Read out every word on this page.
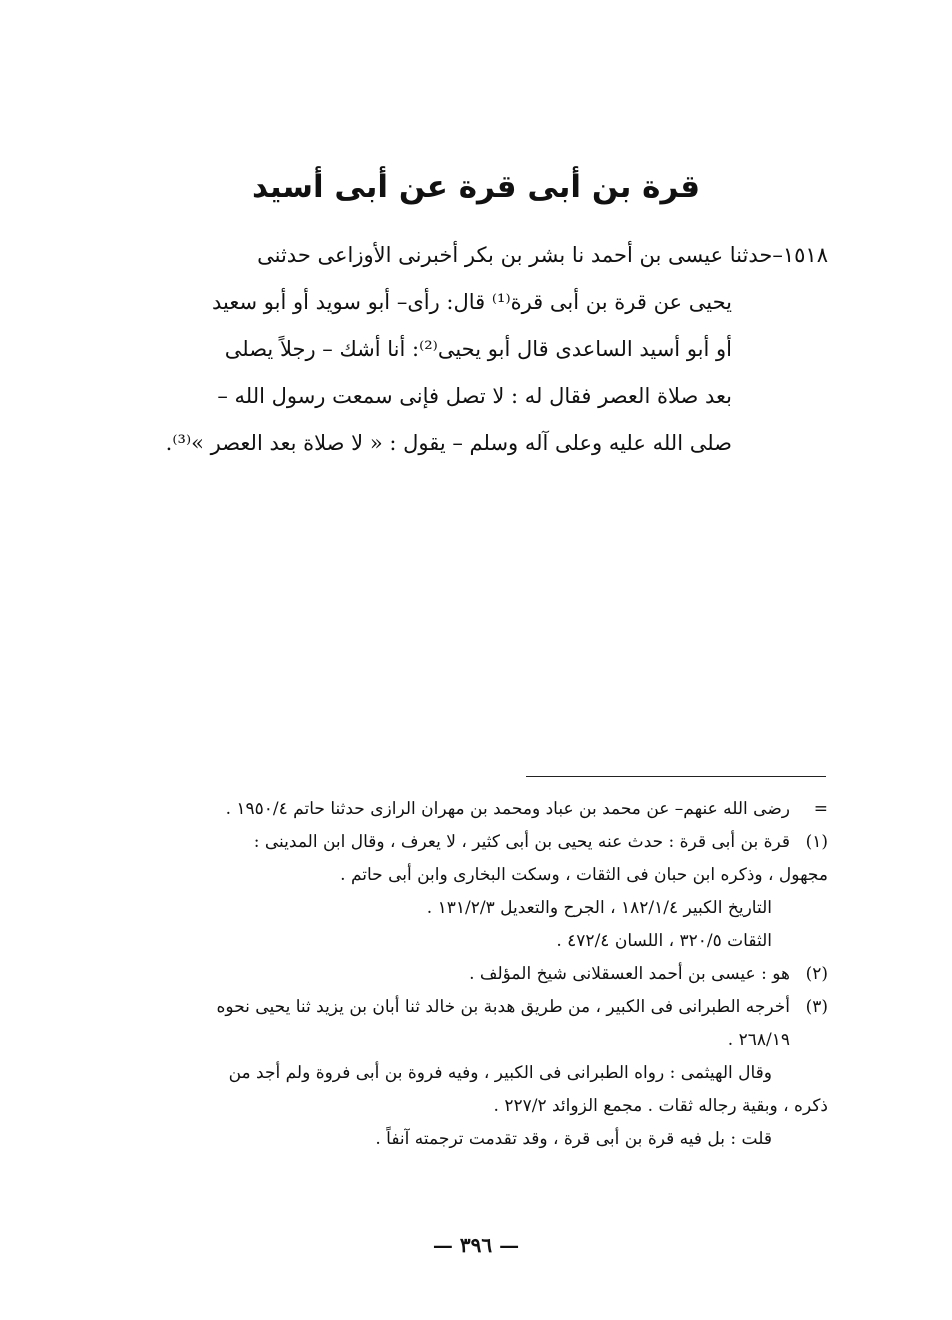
قرة بن أبى قرة عن أبى أسيد
١٥١٨–حدثنا عيسى بن أحمد نا بشر بن بكر أخبرنى الأوزاعى حدثنى
يحيى عن قرة بن أبى قرة⁽¹⁾ قال: رأى– أبو سويد أو أبو سعيد
أو أبو أسيد الساعدى قال أبو يحيى⁽²⁾: أنا أشك – رجلاً يصلى
بعد صلاة العصر فقال له : لا تصل فإنى سمعت رسول الله –
صلى الله عليه وعلى آله وسلم – يقول : « لا صلاة بعد العصر »⁽³⁾.
=رضى الله عنهم– عن محمد بن عباد ومحمد بن مهران الرازى حدثنا حاتم ١٩٥٠/٤ .
(١)قرة بن أبى قرة : حدث عنه يحيى بن أبى كثير ، لا يعرف ، وقال ابن المدينى :
مجهول ، وذكره ابن حبان فى الثقات ، وسكت البخارى وابن أبى حاتم .
التاريخ الكبير ١٨٢/١/٤ ، الجرح والتعديل ١٣١/٢/٣ .
الثقات ٣٢٠/٥ ، اللسان ٤٧٢/٤ .
(٢)هو : عيسى بن أحمد العسقلانى شيخ المؤلف .
(٣)أخرجه الطبرانى فى الكبير ، من طريق هدبة بن خالد ثنا أبان بن يزيد ثنا يحيى نحوه
٢٦٨/١٩ .
وقال الهيثمى : رواه الطبرانى فى الكبير ، وفيه فروة بن أبى فروة ولم أجد من
ذكره ، وبقية رجاله ثقات . مجمع الزوائد ٢٢٧/٢ .
قلت : بل فيه قرة بن أبى قرة ، وقد تقدمت ترجمته آنفاً .
— ٣٩٦ —
